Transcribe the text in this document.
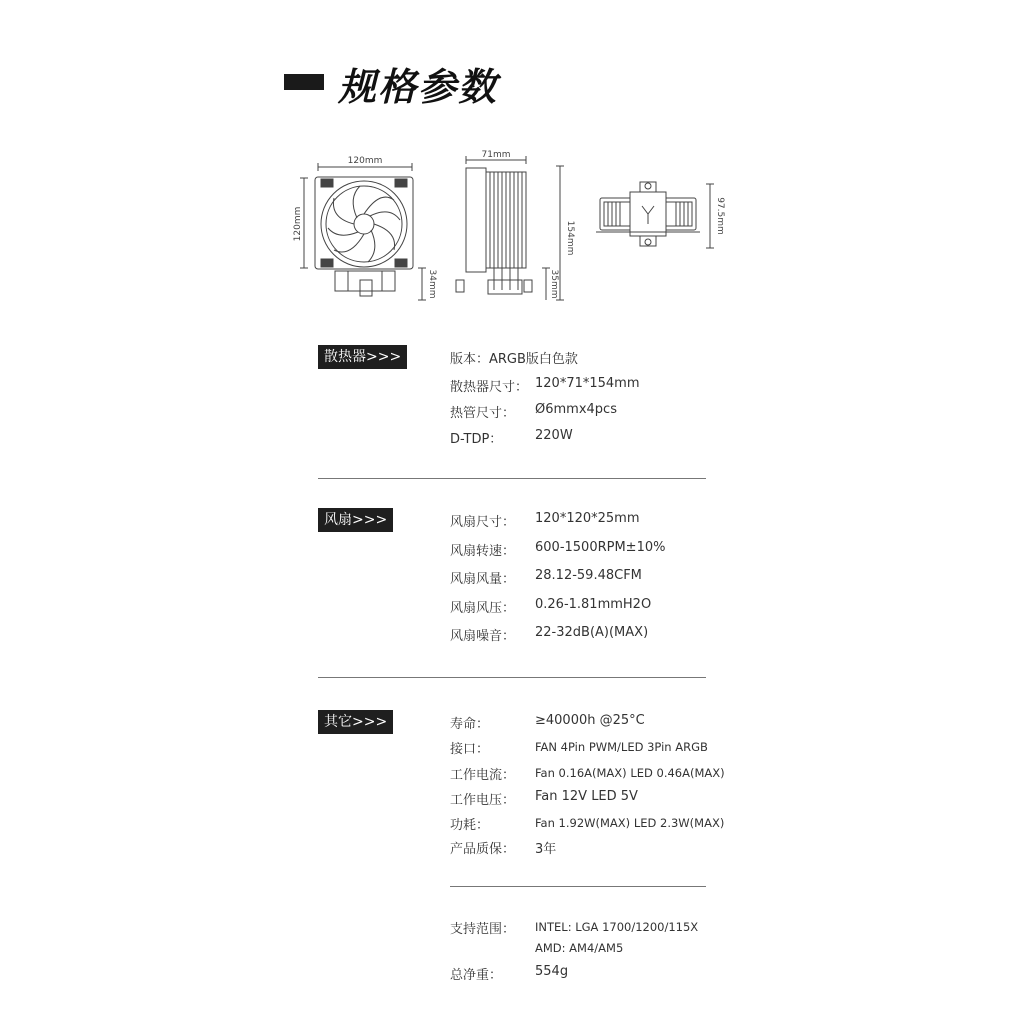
规格参数
120mm
120mm
34mm
71mm
154mm
35mm
97.5mm
散热器>>>	版本：ARGB版白色款
散热器尺寸： 120*71*154mm
热管尺寸： Ø6mmx4pcs
D-TDP：	220W
风扇>>>	风扇尺寸： 120*120*25mm
风扇转速： 600-1500RPM±10%
风扇风量： 28.12-59.48CFM
风扇风压： 0.26-1.81mmH2O
风扇噪音： 22-32dB(A)(MAX)
其它>>>	寿命：	≥40000h @25°C
接口：	FAN 4Pin PWM/LED 3Pin ARGB
工作电流： Fan 0.16A(MAX) LED 0.46A(MAX)
工作电压： Fan 12V LED 5V
功耗：	Fan 1.92W(MAX) LED 2.3W(MAX)
产品质保： 3年
支持范围： INTEL: LGA 1700/1200/115X
AMD: AM4/AM5
总净重：	554g
